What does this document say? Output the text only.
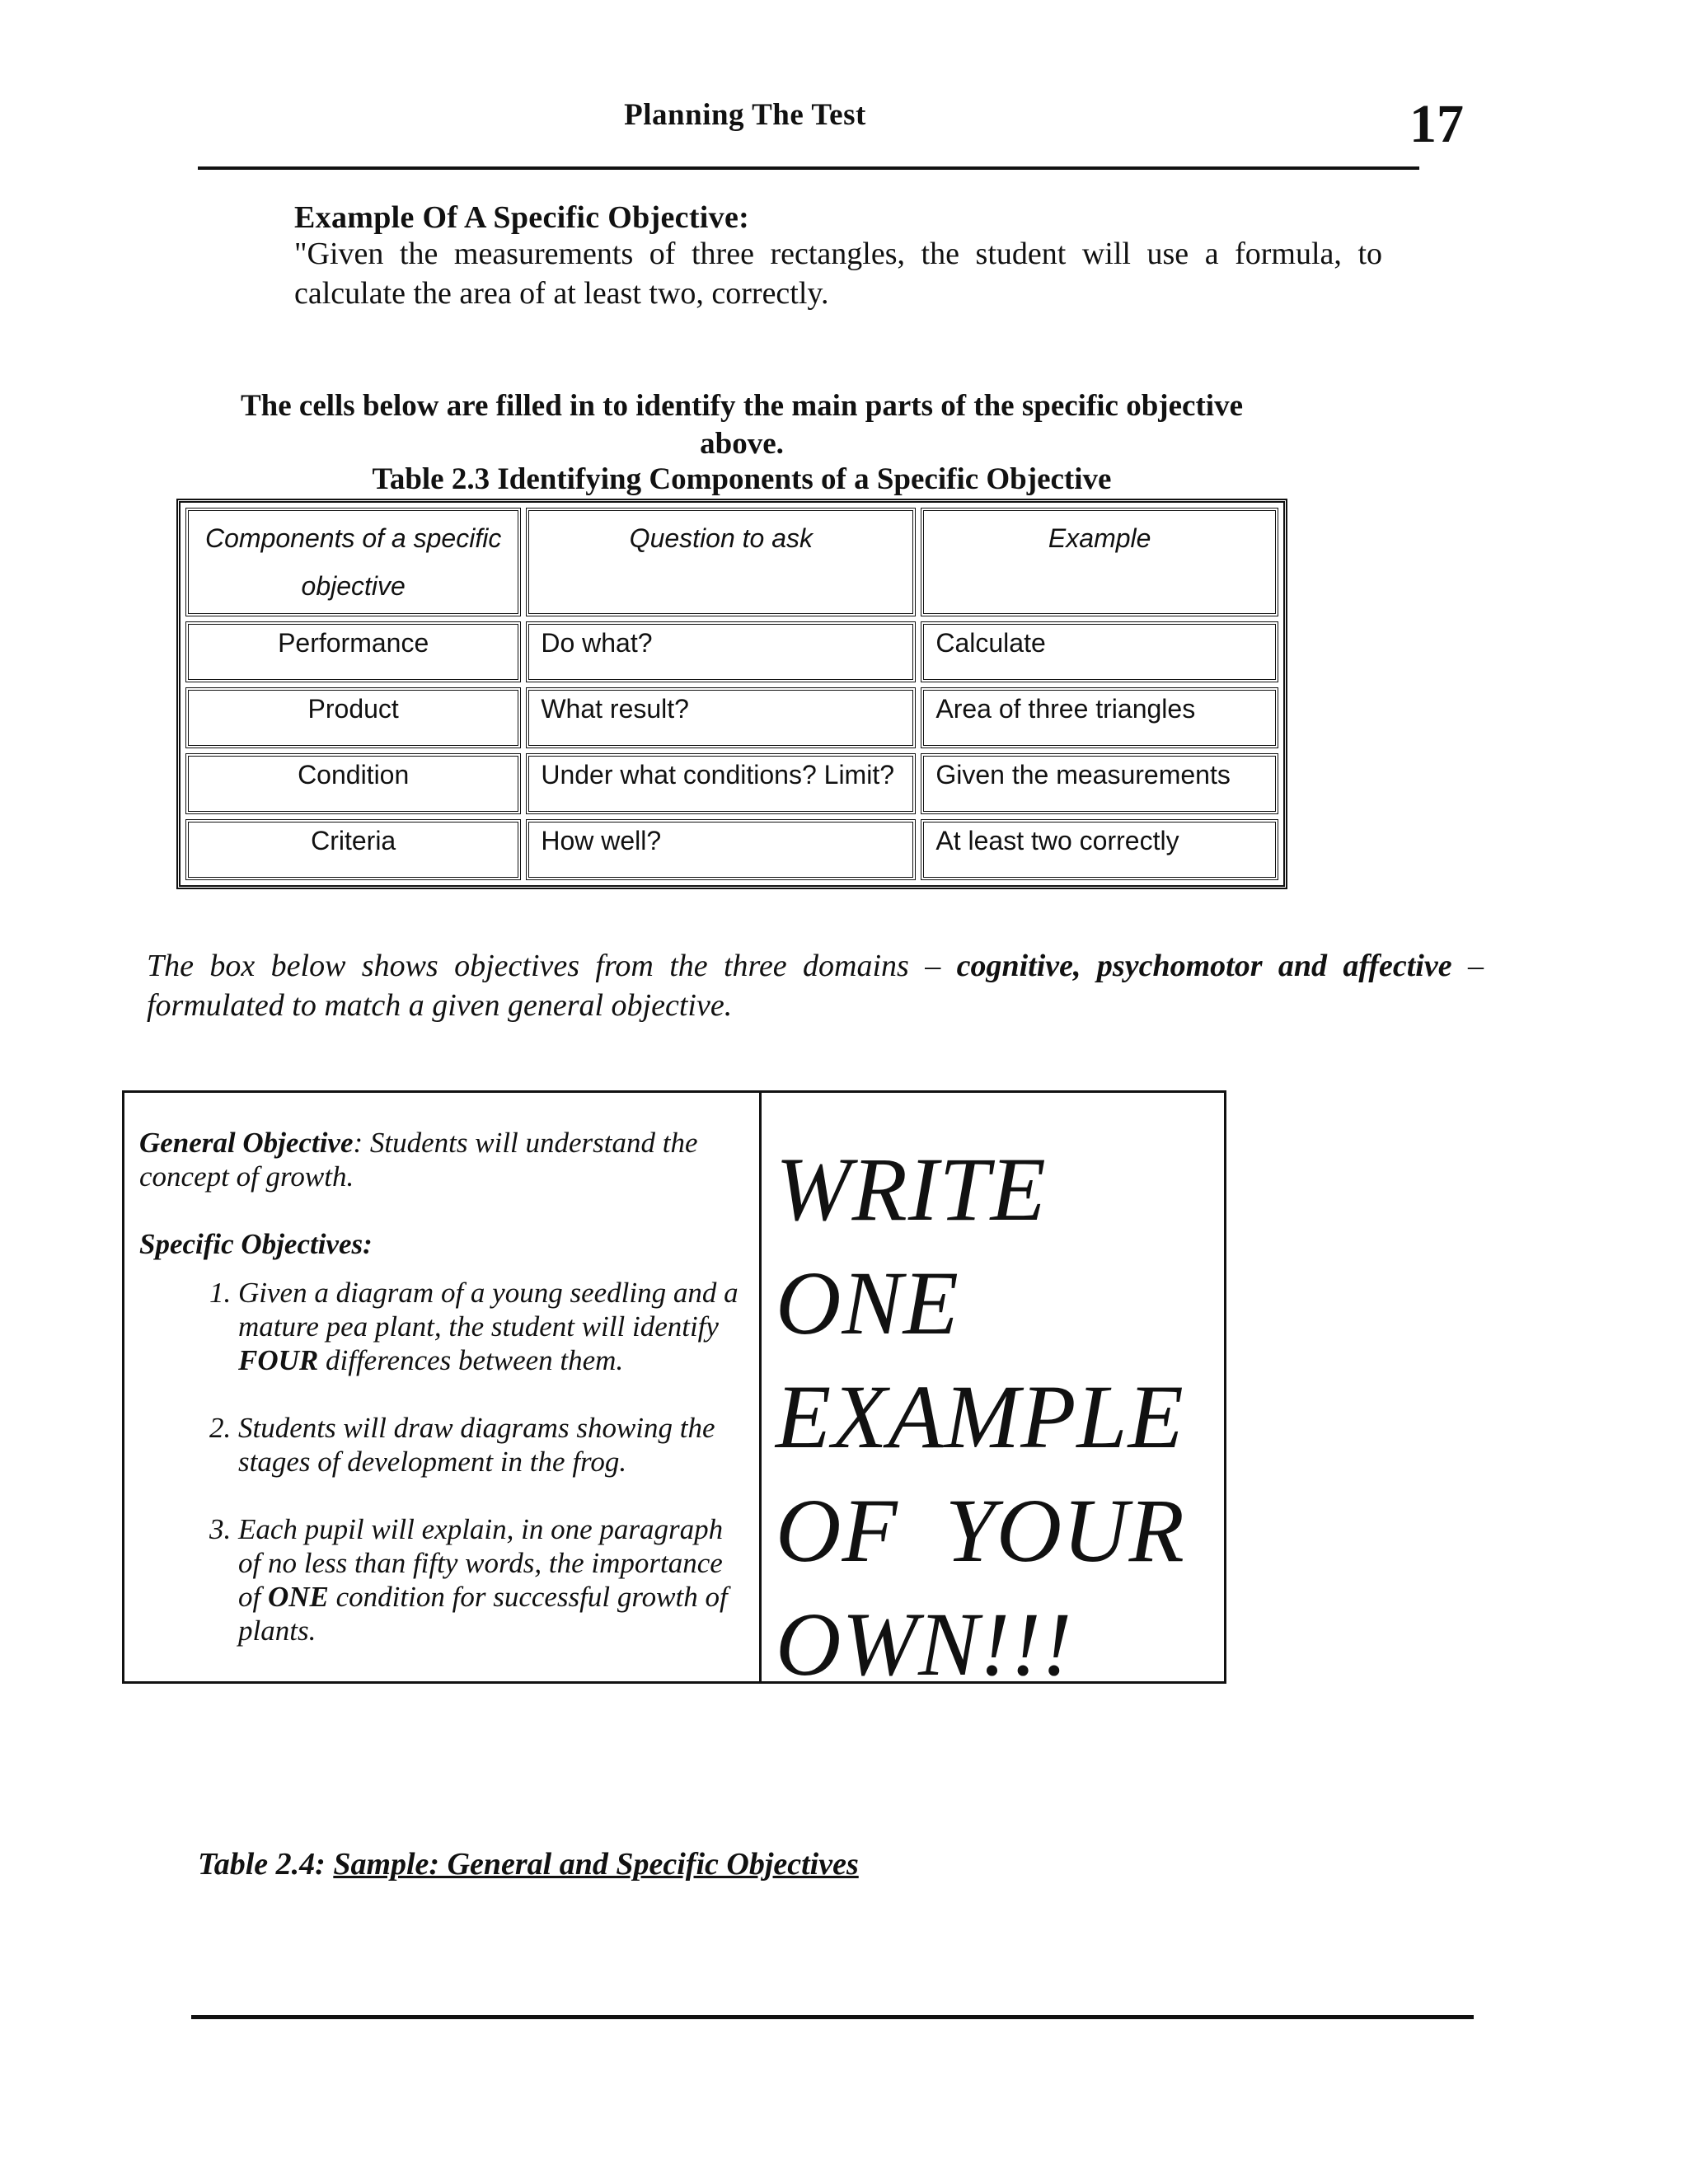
Planning The Test	17
Example Of A Specific Objective:
"Given the measurements of three rectangles, the student will use a formula, to calculate the area of at least two, correctly.
The cells below are filled in to identify the main parts of the specific objective above.
Table 2.3 Identifying Components of a Specific Objective
Components of a specific objective	Question to ask	Example
Performance	Do what?	Calculate
Product	What result?	Area of three triangles
Condition	Under what conditions? Limit?	Given the measurements
Criteria	How well?	At least two correctly
The box below shows objectives from the three domains – cognitive, psychomotor and affective – formulated to match a given general objective.

General Objective: Students will understand the concept of growth.

Specific Objectives:

1. Given a diagram of a young seedling and a mature pea plant, the student will identify FOUR differences between them.
2. Students will draw diagrams showing the stages of development in the frog.
3. Each pupil will explain, in one paragraph of no less than fifty words, the importance of ONE condition for successful growth of plants.
WRITE
ONE
EXAMPLE
OF  YOUR
OWN!!!
Table 2.4: Sample: General and Specific Objectives
